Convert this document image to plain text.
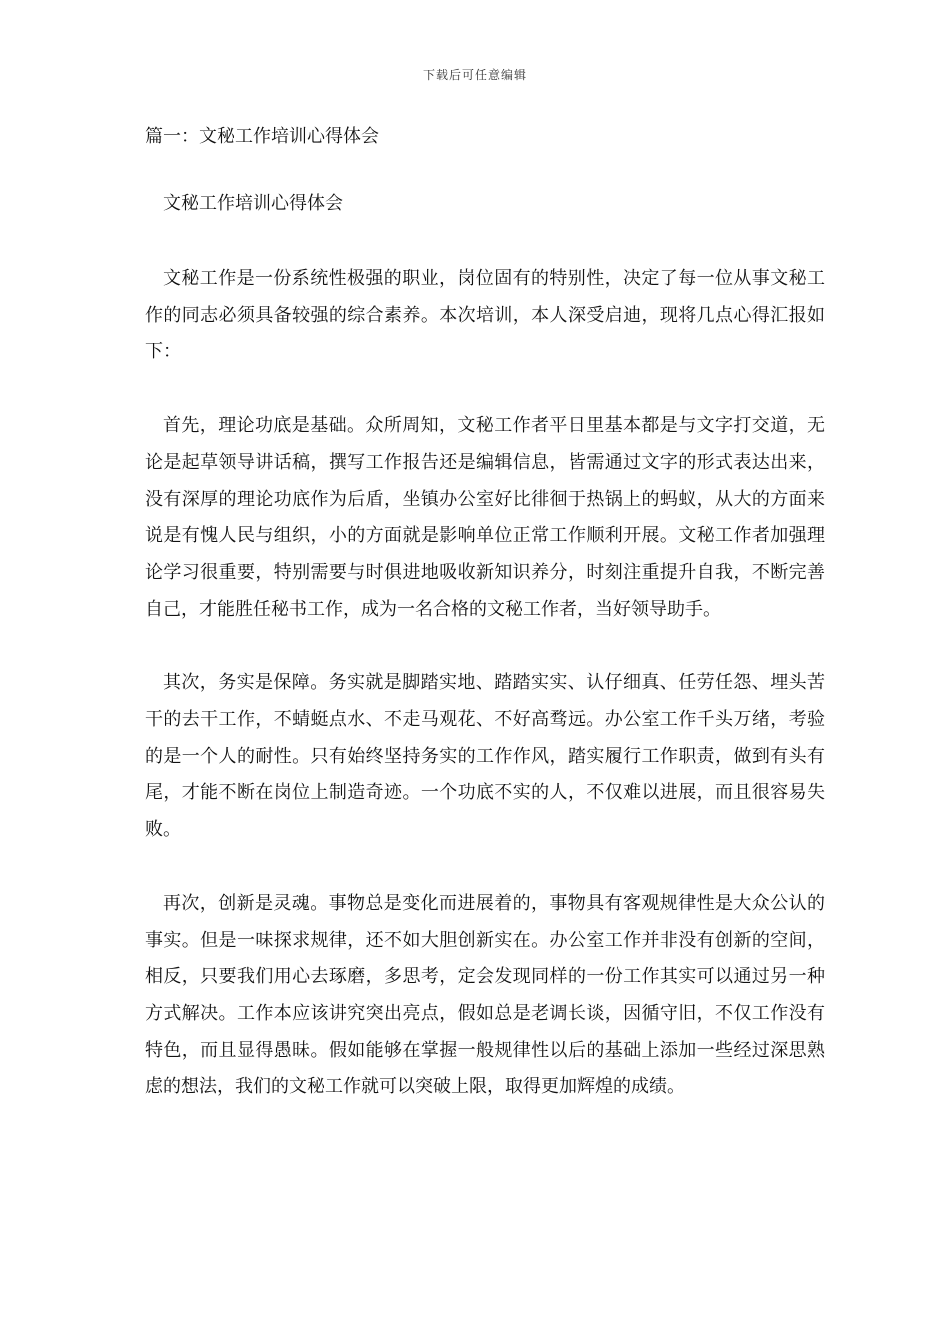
下载后可任意编辑
篇一：文秘工作培训心得体会

文秘工作培训心得体会

文秘工作是一份系统性极强的职业，岗位固有的特别性，决定了每一位从事文秘工作的同志必须具备较强的综合素养。本次培训，本人深受启迪，现将几点心得汇报如下：

首先，理论功底是基础。众所周知，文秘工作者平日里基本都是与文字打交道，无论是起草领导讲话稿，撰写工作报告还是编辑信息，皆需通过文字的形式表达出来，没有深厚的理论功底作为后盾，坐镇办公室好比徘徊于热锅上的蚂蚁，从大的方面来说是有愧人民与组织，小的方面就是影响单位正常工作顺利开展。文秘工作者加强理论学习很重要，特别需要与时俱进地吸收新知识养分，时刻注重提升自我，不断完善自己，才能胜任秘书工作，成为一名合格的文秘工作者，当好领导助手。

其次，务实是保障。务实就是脚踏实地、踏踏实实、认仔细真、任劳任怨、埋头苦干的去干工作，不蜻蜓点水、不走马观花、不好高骛远。办公室工作千头万绪，考验的是一个人的耐性。只有始终坚持务实的工作作风，踏实履行工作职责，做到有头有尾，才能不断在岗位上制造奇迹。一个功底不实的人，不仅难以进展，而且很容易失败。

再次，创新是灵魂。事物总是变化而进展着的，事物具有客观规律性是大众公认的事实。但是一味探求规律，还不如大胆创新实在。办公室工作并非没有创新的空间，相反，只要我们用心去琢磨，多思考，定会发现同样的一份工作其实可以通过另一种方式解决。工作本应该讲究突出亮点，假如总是老调长谈，因循守旧，不仅工作没有特色，而且显得愚昧。假如能够在掌握一般规律性以后的基础上添加一些经过深思熟虑的想法，我们的文秘工作就可以突破上限，取得更加辉煌的成绩。
